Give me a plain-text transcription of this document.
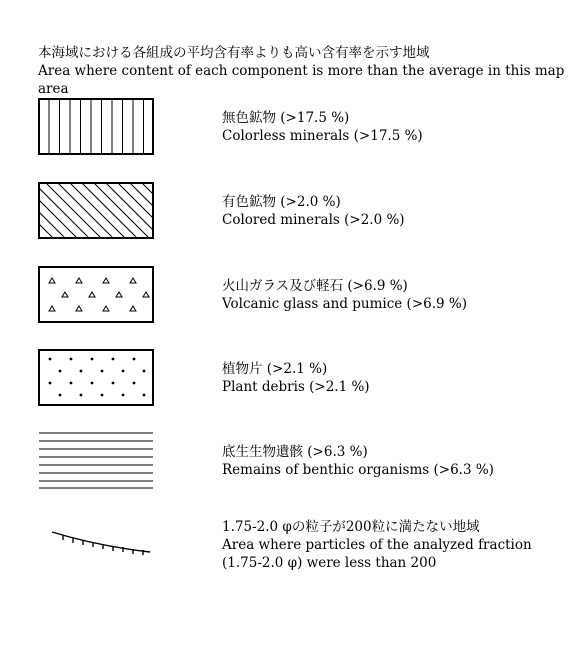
本海域における各組成の平均含有率よりも高い含有率を示す地域
Area where content of each component is more than the average in this map area
無色鉱物 (>17.5 %)
Colorless minerals (>17.5 %)
有色鉱物 (>2.0 %)
Colored minerals (>2.0 %)
火山ガラス及び軽石 (>6.9 %)
Volcanic glass and pumice (>6.9 %)
植物片 (>2.1 %)
Plant debris (>2.1 %)
底生生物遺骸 (>6.3 %)
Remains of benthic organisms (>6.3 %)
1.75-2.0 φの粒子が200粒に満たない地域
Area where particles of the analyzed fraction
(1.75-2.0 φ) were less than 200
